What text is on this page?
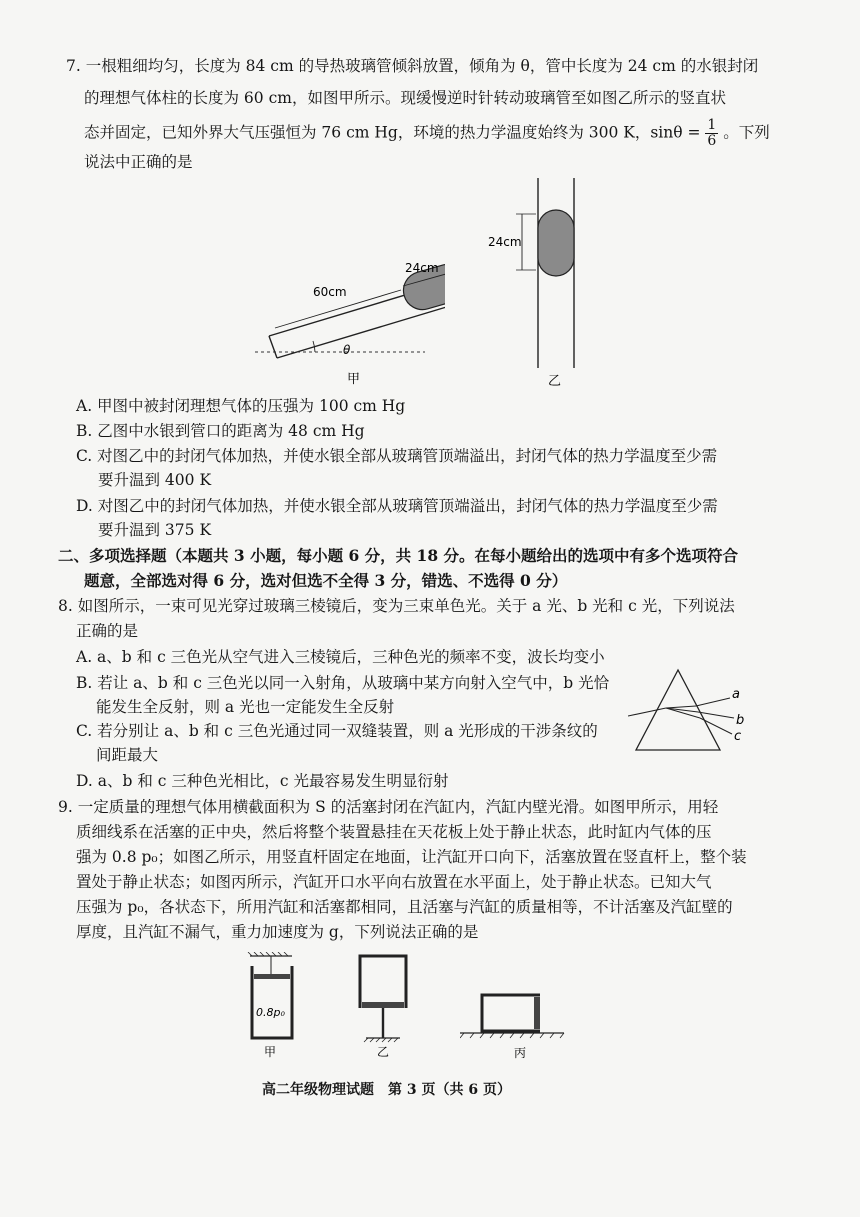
7. 一根粗细均匀，长度为 84 cm 的导热玻璃管倾斜放置，倾角为 θ，管中长度为 24 cm 的水银封闭
的理想气体柱的长度为 60 cm，如图甲所示。现缓慢逆时针转动玻璃管至如图乙所示的竖直状
态并固定，已知外界大气压强恒为 76 cm Hg，环境的热力学温度始终为 300 K，$\sin\theta = \frac{1}{6}$ 。下列
说法中正确的是
60cm
24cm
θ
甲
24cm
乙
A. 甲图中被封闭理想气体的压强为 100 cm Hg
B. 乙图中水银到管口的距离为 48 cm Hg
C. 对图乙中的封闭气体加热，并使水银全部从玻璃管顶端溢出，封闭气体的热力学温度至少需
要升温到 400 K
D. 对图乙中的封闭气体加热，并使水银全部从玻璃管顶端溢出，封闭气体的热力学温度至少需
要升温到 375 K
二、多项选择题（本题共 3 小题，每小题 6 分，共 18 分。在每小题给出的选项中有多个选项符合
题意，全部选对得 6 分，选对但选不全得 3 分，错选、不选得 0 分）
8. 如图所示，一束可见光穿过玻璃三棱镜后，变为三束单色光。关于 a 光、b 光和 c 光，下列说法
正确的是
A. a、b 和 c 三色光从空气进入三棱镜后，三种色光的频率不变，波长均变小
B. 若让 a、b 和 c 三色光以同一入射角，从玻璃中某方向射入空气中，b 光恰
能发生全反射，则 a 光也一定能发生全反射
C. 若分别让 a、b 和 c 三色光通过同一双缝装置，则 a 光形成的干涉条纹的
间距最大
D. a、b 和 c 三种色光相比，c 光最容易发生明显衍射
a
b
c
9. 一定质量的理想气体用横截面积为 S 的活塞封闭在汽缸内，汽缸内壁光滑。如图甲所示，用轻
质细线系在活塞的正中央，然后将整个装置悬挂在天花板上处于静止状态，此时缸内气体的压
强为 0.8 p₀；如图乙所示，用竖直杆固定在地面，让汽缸开口向下，活塞放置在竖直杆上，整个装
置处于静止状态；如图丙所示，汽缸开口水平向右放置在水平面上，处于静止状态。已知大气
压强为 p₀，各状态下，所用汽缸和活塞都相同，且活塞与汽缸的质量相等，不计活塞及汽缸壁的
厚度，且汽缸不漏气，重力加速度为 g，下列说法正确的是
0.8p₀
甲	乙	丙
高二年级物理试题　第 3 页（共 6 页）
